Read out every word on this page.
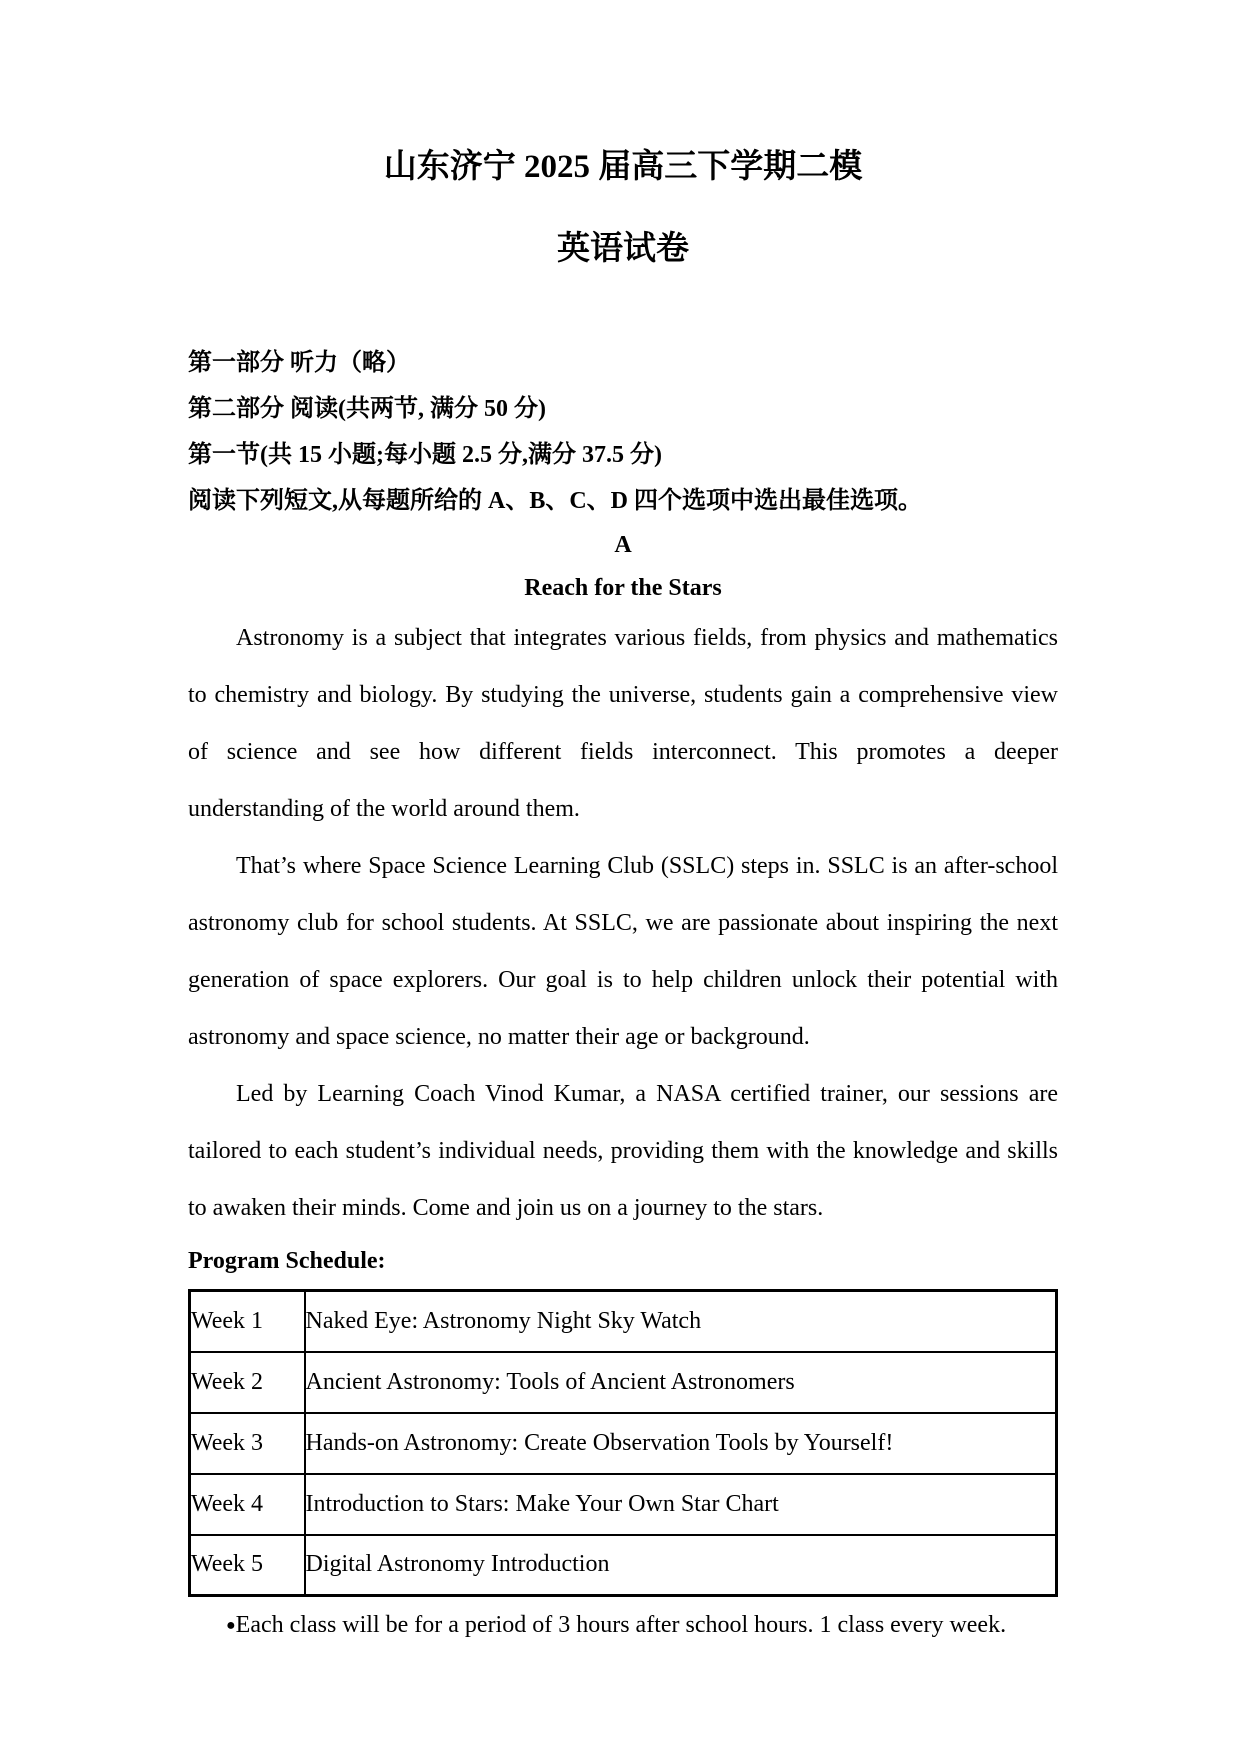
山东济宁 2025 届高三下学期二模
英语试卷

第一部分 听力（略）

第二部分 阅读(共两节, 满分 50 分)

第一节(共 15 小题;每小题 2.5 分,满分 37.5 分)

阅读下列短文,从每题所给的 A、B、C、D 四个选项中选出最佳选项。

A

Reach for the Stars

Astronomy is a subject that integrates various fields, from physics and mathematics to chemistry and biology. By studying the universe, students gain a comprehensive view of science and see how different fields interconnect. This promotes a deeper understanding of the world around them.

That’s where Space Science Learning Club (SSLC) steps in. SSLC is an after-school astronomy club for school students. At SSLC, we are passionate about inspiring the next generation of space explorers. Our goal is to help children unlock their potential with astronomy and space science, no matter their age or background.

Led by Learning Coach Vinod Kumar, a NASA certified trainer, our sessions are tailored to each student’s individual needs, providing them with the knowledge and skills to awaken their minds. Come and join us on a journey to the stars.

Program Schedule:

Week 1	Naked Eye: Astronomy Night Sky Watch
Week 2	Ancient Astronomy: Tools of Ancient Astronomers
Week 3	Hands-on Astronomy: Create Observation Tools by Yourself!
Week 4	Introduction to Stars: Make Your Own Star Chart
Week 5	Digital Astronomy Introduction

●Each class will be for a period of 3 hours after school hours. 1 class every week.
